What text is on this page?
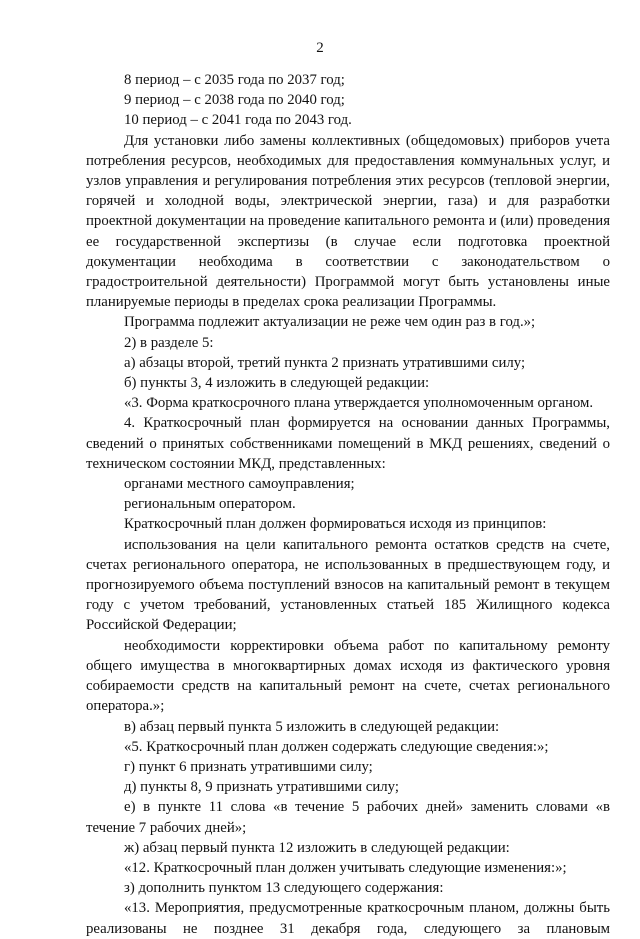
2

8 период – с 2035 года по 2037 год;

9 период – с 2038 года по 2040 год;

10 период – с 2041 года по 2043 год.

Для установки либо замены коллективных (общедомовых) приборов учета потребления ресурсов, необходимых для предоставления коммунальных услуг, и узлов управления и регулирования потребления этих ресурсов (тепловой энергии, горячей и холодной воды, электрической энергии, газа) и для разработки проектной документации на проведение капитального ремонта и (или) проведения ее государственной экспертизы (в случае если подготовка проектной документации необходима в соответствии с законодательством о градостроительной деятельности) Программой могут быть установлены иные планируемые периоды в пределах срока реализации Программы.

Программа подлежит актуализации не реже чем один раз в год.»;

2) в разделе 5:

а) абзацы второй, третий пункта 2 признать утратившими силу;

б) пункты 3, 4 изложить в следующей редакции:

«3. Форма краткосрочного плана утверждается уполномоченным органом.

4. Краткосрочный план формируется на основании данных Программы, сведений о принятых собственниками помещений в МКД решениях, сведений о техническом состоянии МКД, представленных:

органами местного самоуправления;

региональным оператором.

Краткосрочный план должен формироваться исходя из принципов:

использования на цели капитального ремонта остатков средств на счете, счетах регионального оператора, не использованных в предшествующем году, и прогнозируемого объема поступлений взносов на капитальный ремонт в текущем году с учетом требований, установленных статьей 185 Жилищного кодекса Российской Федерации;

необходимости корректировки объема работ по капитальному ремонту общего имущества в многоквартирных домах исходя из фактического уровня собираемости средств на капитальный ремонт на счете, счетах регионального оператора.»;

в) абзац первый пункта 5 изложить в следующей редакции:

«5. Краткосрочный план должен содержать следующие сведения:»;

г) пункт 6 признать утратившими силу;

д) пункты 8, 9 признать утратившими силу;

е) в пункте 11 слова «в течение 5 рабочих дней» заменить словами «в течение 7 рабочих дней»;

ж) абзац первый пункта 12 изложить в следующей редакции:

«12. Краткосрочный план должен учитывать следующие изменения:»;

з) дополнить пунктом 13 следующего содержания:

«13. Мероприятия, предусмотренные краткосрочным планом, должны быть реализованы не позднее 31 декабря года, следующего за плановым
